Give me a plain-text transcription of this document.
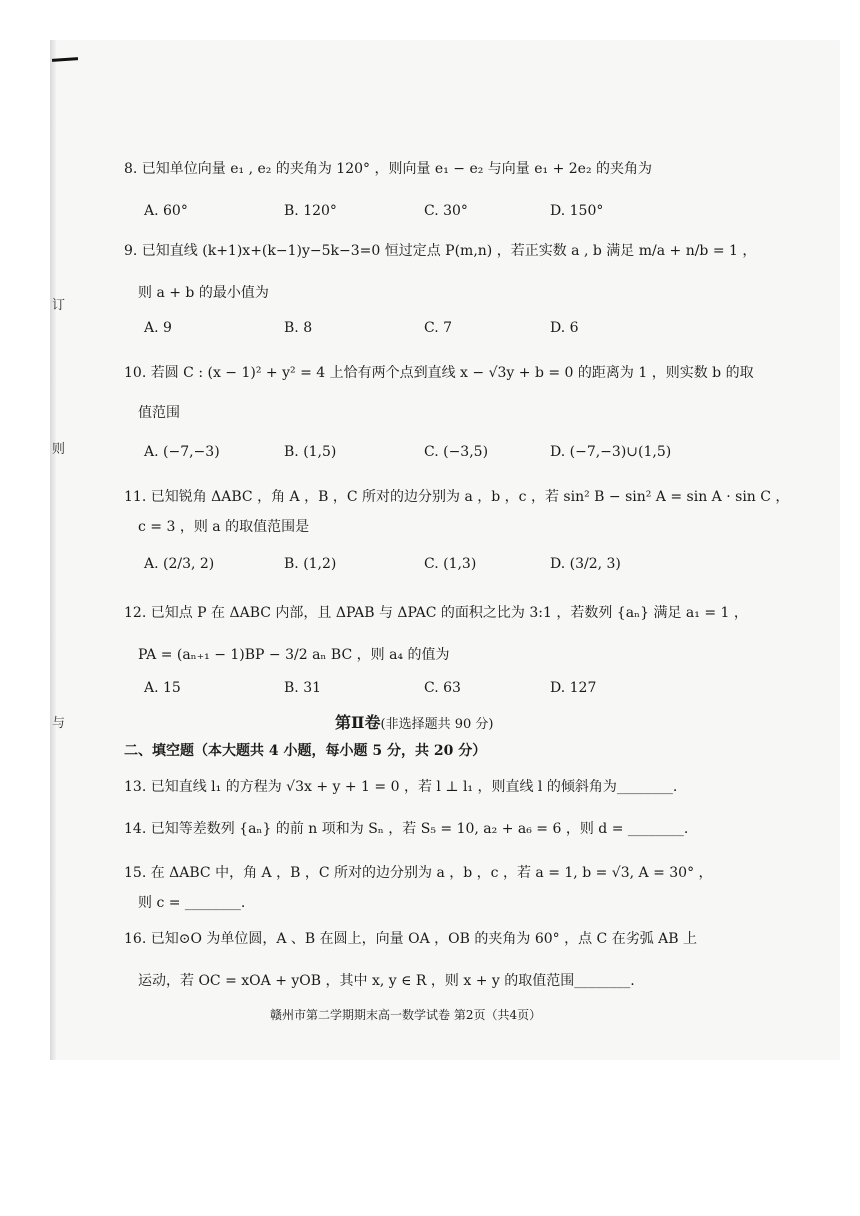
订
则
与
8. 已知单位向量 e₁ , e₂ 的夹角为 120° ，则向量 e₁ − e₂ 与向量 e₁ + 2e₂ 的夹角为
A. 60°	B. 120°	C. 30°	D. 150°
9. 已知直线 (k+1)x+(k−1)y−5k−3=0 恒过定点 P(m,n) ，若正实数 a , b 满足 m/a + n/b = 1 ，
则 a + b 的最小值为
A. 9	B. 8	C. 7	D. 6
10. 若圆 C : (x − 1)² + y² = 4 上恰有两个点到直线 x − √3y + b = 0 的距离为 1 ，则实数 b 的取
值范围
A. (−7,−3)	B. (1,5)	C. (−3,5)	D. (−7,−3)∪(1,5)
11. 已知锐角 ΔABC ，角 A ，B ，C 所对的边分别为 a ，b ，c ，若 sin² B − sin² A = sin A · sin C ，
c = 3 ，则 a 的取值范围是
A. (2/3, 2)	B. (1,2)	C. (1,3)	D. (3/2, 3)
12. 已知点 P 在 ΔABC 内部，且 ΔPAB 与 ΔPAC 的面积之比为 3:1 ，若数列 {aₙ} 满足 a₁ = 1 ，
PA = (aₙ₊₁ − 1)BP − 3/2 aₙ BC ，则 a₄ 的值为
A. 15	B. 31	C. 63	D. 127
第Ⅱ卷(非选择题共 90 分)
二、填空题（本大题共 4 小题，每小题 5 分，共 20 分）
13. 已知直线 l₁ 的方程为 √3x + y + 1 = 0 ，若 l ⊥ l₁ ，则直线 l 的倾斜角为________.
14. 已知等差数列 {aₙ} 的前 n 项和为 Sₙ ，若 S₅ = 10, a₂ + a₆ = 6 ，则 d = ________.
15. 在 ΔABC 中，角 A ，B ，C 所对的边分别为 a ，b ，c ，若 a = 1, b = √3, A = 30° ，
则 c = ________.
16. 已知⊙O 为单位圆，A 、B 在圆上，向量 OA ，OB 的夹角为 60° ，点 C 在劣弧 AB 上
运动，若 OC = xOA + yOB ，其中 x, y ∈ R ，则 x + y 的取值范围________.
赣州市第二学期期末高一数学试卷 第2页（共4页）
